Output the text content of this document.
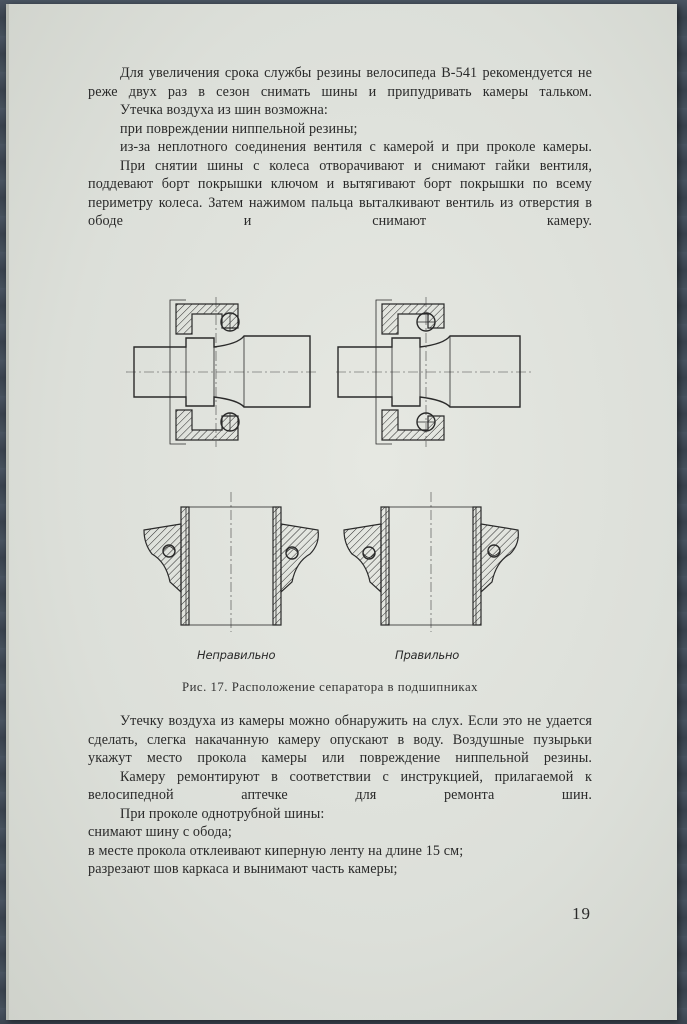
Для увеличения срока службы резины велосипеда В-541 рекомендуется не реже двух раз в сезон снимать шины и припудривать камеры тальком.

Утечка воздуха из шин возможна:

при повреждении ниппельной резины;

из-за неплотного соединения вентиля с камерой и при проколе камеры.

При снятии шины с колеса отворачивают и снимают гайки вентиля, поддевают борт покрышки ключом и вытягивают борт покрышки по всему периметру колеса. Затем нажимом пальца выталкивают вентиль из отверстия в ободе и снимают камеру.

Неправильно	Правильно
Рис. 17. Расположение сепаратора в подшипниках

Утечку воздуха из камеры можно обнаружить на слух. Если это не удается сделать, слегка накачанную камеру опускают в воду. Воздушные пузырьки укажут место прокола камеры или повреждение ниппельной резины.

Камеру ремонтируют в соответствии с инструкцией, прилагаемой к велосипедной аптечке для ремонта шин.

При проколе однотрубной шины:

снимают шину с обода;

в месте прокола отклеивают киперную ленту на длине 15 см;

разрезают шов каркаса и вынимают часть камеры;

19
